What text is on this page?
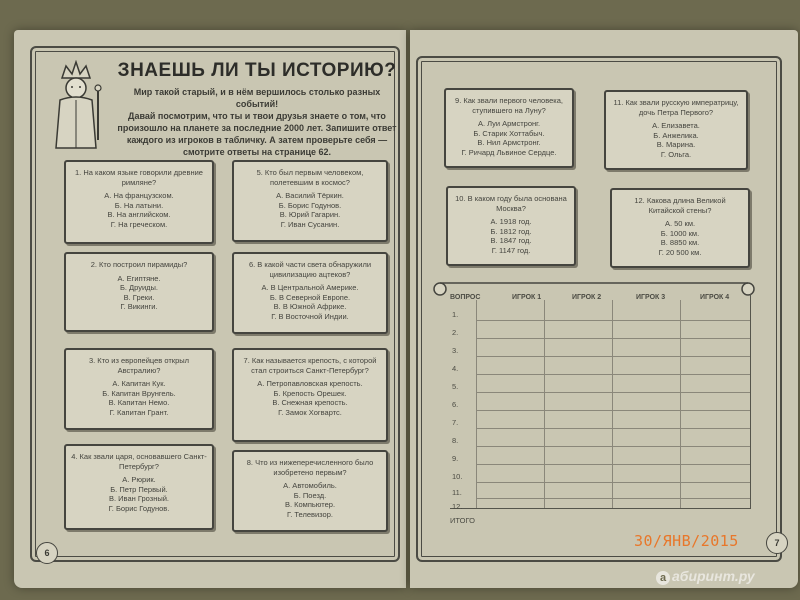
ЗНАЕШЬ ЛИ ТЫ ИСТОРИЮ?
Мир такой старый, и в нём вершилось столько разных событий!
Давай посмотрим, что ты и твои друзья знаете о том, что
произошло на планете за последние 2000 лет. Запишите ответ
каждого из игроков в табличку. А затем проверьте себя —
смотрите ответы на странице 62.
1. На каком языке говорили древние римляне?
А. На французском.
Б. На латыни.
В. На английском.
Г. На греческом.
5. Кто был первым человеком, полетевшим в космос?
А. Василий Тёркин.
Б. Борис Годунов.
В. Юрий Гагарин.
Г. Иван Сусанин.
2. Кто построил пирамиды?
А. Египтяне.
Б. Друиды.
В. Греки.
Г. Викинги.
6. В какой части света обнаружили цивилизацию ацтеков?
А. В Центральной Америке.
Б. В Северной Европе.
В. В Южной Африке.
Г. В Восточной Индии.
3. Кто из европейцев открыл Австралию?
А. Капитан Кук.
Б. Капитан Врунгель.
В. Капитан Немо.
Г. Капитан Грант.
7. Как называется крепость, с которой стал строиться Санкт-Петербург?
А. Петропавловская крепость.
Б. Крепость Орешек.
В. Снежная крепость.
Г. Замок Хогвартс.
4. Как звали царя, основавшего Санкт-Петербург?
А. Рюрик.
Б. Петр Первый.
В. Иван Грозный.
Г. Борис Годунов.
8. Что из нижеперечисленного было изобретено первым?
А. Автомобиль.
Б. Поезд.
В. Компьютер.
Г. Телевизор.
9. Как звали первого человека, ступившего на Луну?
А. Луи Армстронг.
Б. Старик Хоттабыч.
В. Нил Армстронг.
Г. Ричард Львиное Сердце.
11. Как звали русскую императрицу, дочь Петра Первого?
А. Елизавета.
Б. Анжелика.
В. Марина.
Г. Ольга.
10. В каком году была основана Москва?
А. 1918 год.
Б. 1812 год.
В. 1847 год.
Г. 1147 год.
12. Какова длина Великой Китайской стены?
А. 50 км.
Б. 1000 км.
В. 8850 км.
Г. 20 500 км.
ВОПРОС	ИГРОК 1	ИГРОК 2	ИГРОК 3	ИГРОК 4
1.
2.
3.
4.
5.
6.
7.
8.
9.
10.
11.
12.
ИТОГО
6
7
30/ЯНВ/2015
а абиринт.ру
